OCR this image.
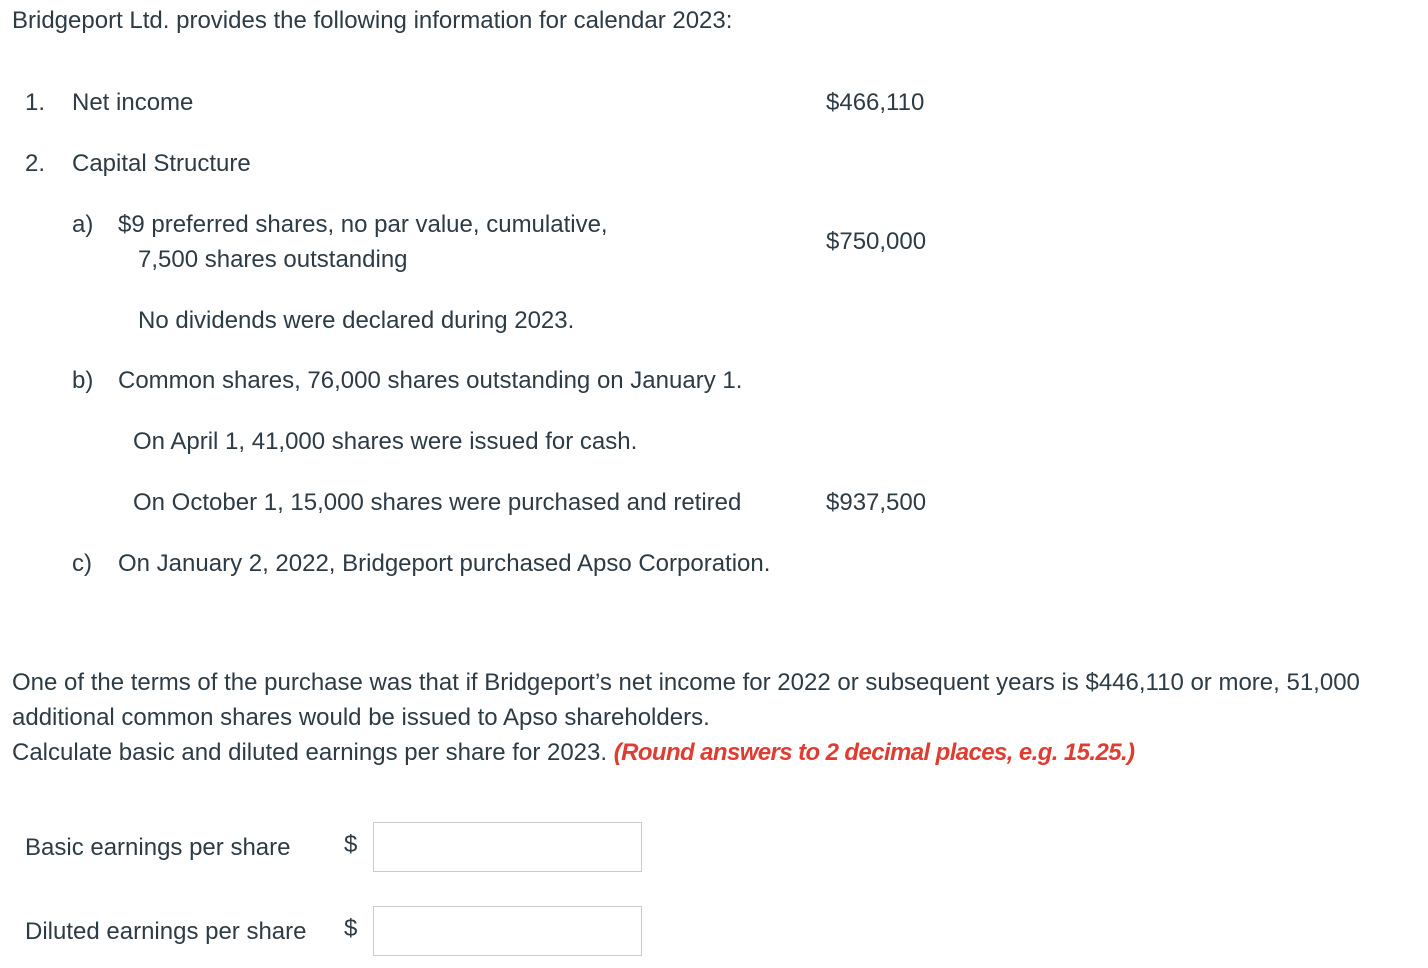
Bridgeport Ltd. provides the following information for calendar 2023:
1. Net income	$466,110
2. Capital Structure
a) $9 preferred shares, no par value, cumulative,
7,500 shares outstanding
$750,000
No dividends were declared during 2023.
b) Common shares, 76,000 shares outstanding on January 1.
On April 1, 41,000 shares were issued for cash.
On October 1, 15,000 shares were purchased and retired	$937,500
c) On January 2, 2022, Bridgeport purchased Apso Corporation.
One of the terms of the purchase was that if Bridgeport’s net income for 2022 or subsequent years is $446,110 or more, 51,000 additional common shares would be issued to Apso shareholders.
Calculate basic and diluted earnings per share for 2023. (Round answers to 2 decimal places, e.g. 15.25.)
Basic earnings per share $
Diluted earnings per share $
